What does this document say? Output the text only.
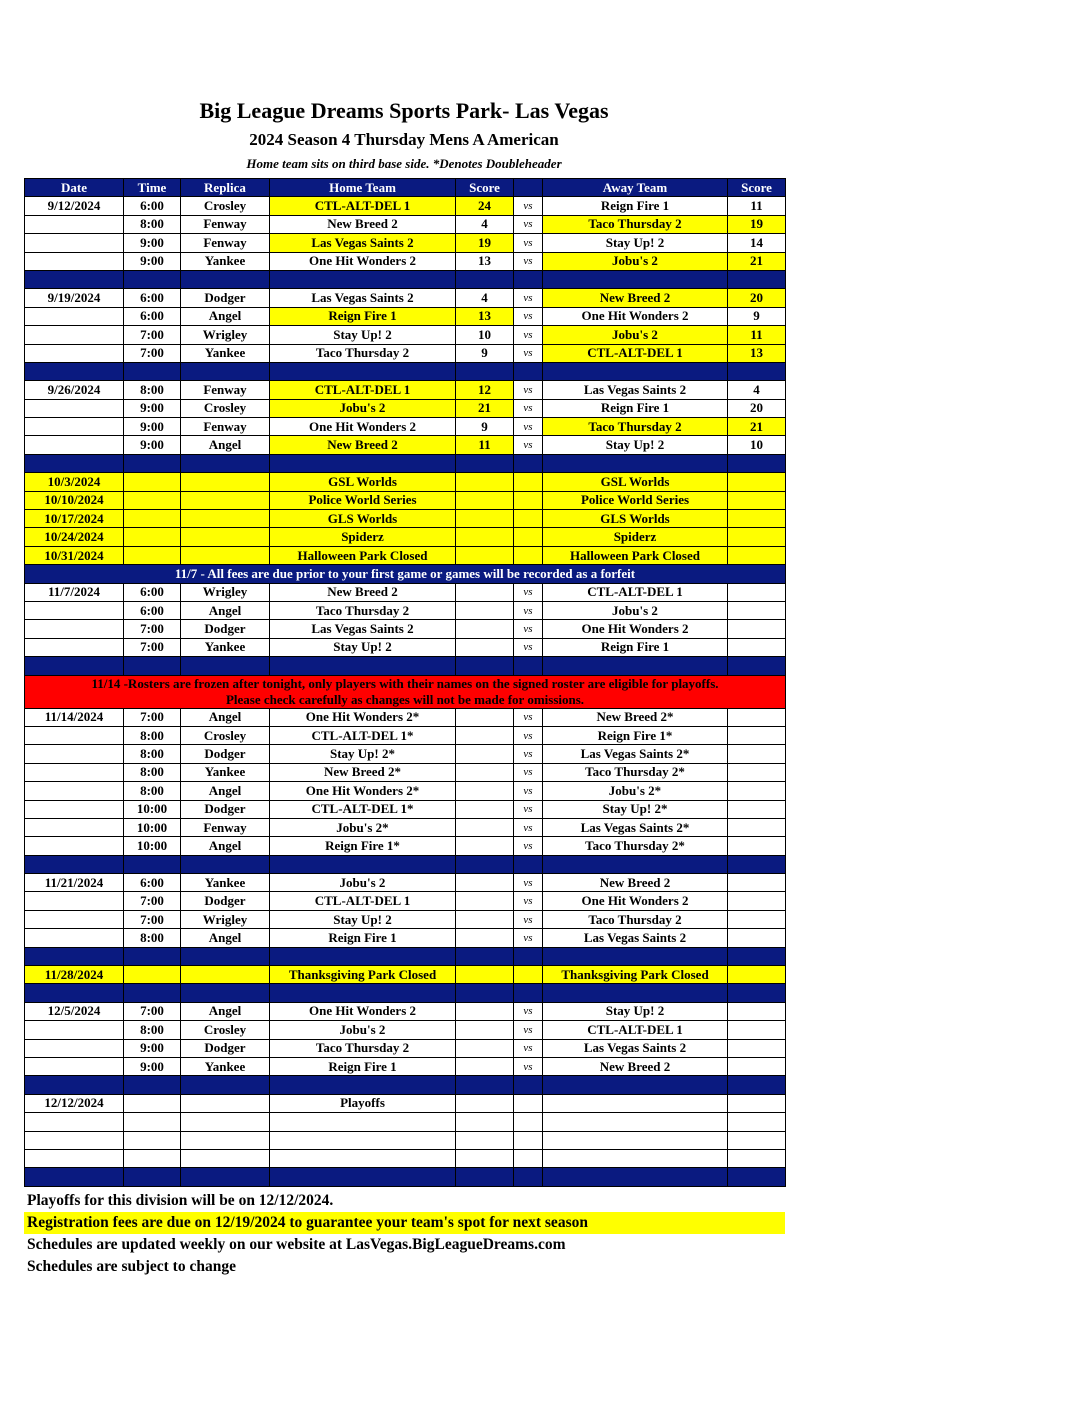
Big League Dreams Sports Park- Las Vegas
2024 Season 4 Thursday Mens A American
Home team sits on third base side. *Denotes Doubleheader
Date	Time	Replica	Home Team	Score		Away Team	Score
9/12/2024	6:00	Crosley	CTL-ALT-DEL 1	24	vs	Reign Fire 1	11
	8:00	Fenway	New Breed 2	4	vs	Taco Thursday 2	19
	9:00	Fenway	Las Vegas Saints 2	19	vs	Stay Up! 2	14
	9:00	Yankee	One Hit Wonders 2	13	vs	Jobu's 2	21

9/19/2024	6:00	Dodger	Las Vegas Saints 2	4	vs	New Breed 2	20
	6:00	Angel	Reign Fire 1	13	vs	One Hit Wonders 2	9
	7:00	Wrigley	Stay Up! 2	10	vs	Jobu's 2	11
	7:00	Yankee	Taco Thursday 2	9	vs	CTL-ALT-DEL 1	13

9/26/2024	8:00	Fenway	CTL-ALT-DEL 1	12	vs	Las Vegas Saints 2	4
	9:00	Crosley	Jobu's 2	21	vs	Reign Fire 1	20
	9:00	Fenway	One Hit Wonders 2	9	vs	Taco Thursday 2	21
	9:00	Angel	New Breed 2	11	vs	Stay Up! 2	10

10/3/2024			GSL Worlds			GSL Worlds	
10/10/2024			Police World Series			Police World Series	
10/17/2024			GLS Worlds			GLS Worlds	
10/24/2024			Spiderz			Spiderz	
10/31/2024			Halloween Park Closed			Halloween Park Closed	
11/7 - All fees are due prior to your first game or games will be recorded as a forfeit							
11/7/2024	6:00	Wrigley	New Breed 2		vs	CTL-ALT-DEL 1	
	6:00	Angel	Taco Thursday 2		vs	Jobu's 2	
	7:00	Dodger	Las Vegas Saints 2		vs	One Hit Wonders 2	
	7:00	Yankee	Stay Up! 2		vs	Reign Fire 1	

11/14 -Rosters are frozen after tonight, only players with their names on the signed roster are eligible for playoffs.
Please check carefully as changes will not be made for omissions.							

11/14/2024	7:00	Angel	One Hit Wonders 2*		vs	New Breed 2*	
	8:00	Crosley	CTL-ALT-DEL 1*		vs	Reign Fire 1*	
	8:00	Dodger	Stay Up! 2*		vs	Las Vegas Saints 2*	
	8:00	Yankee	New Breed 2*		vs	Taco Thursday 2*	
	8:00	Angel	One Hit Wonders 2*		vs	Jobu's 2*	
	10:00	Dodger	CTL-ALT-DEL 1*		vs	Stay Up! 2*	
	10:00	Fenway	Jobu's 2*		vs	Las Vegas Saints 2*	
	10:00	Angel	Reign Fire 1*		vs	Taco Thursday 2*	

11/21/2024	6:00	Yankee	Jobu's 2		vs	New Breed 2	
	7:00	Dodger	CTL-ALT-DEL 1		vs	One Hit Wonders 2	
	7:00	Wrigley	Stay Up! 2		vs	Taco Thursday 2	
	8:00	Angel	Reign Fire 1		vs	Las Vegas Saints 2	

11/28/2024			Thanksgiving Park Closed			Thanksgiving Park Closed	

12/5/2024	7:00	Angel	One Hit Wonders 2		vs	Stay Up! 2	
	8:00	Crosley	Jobu's 2		vs	CTL-ALT-DEL 1	
	9:00	Dodger	Taco Thursday 2		vs	Las Vegas Saints 2	
	9:00	Yankee	Reign Fire 1		vs	New Breed 2	

12/12/2024			Playoffs				

Playoffs for this division will be on 12/12/2024.
Registration fees are due on 12/19/2024 to guarantee your team's spot for next season
Schedules are updated weekly on our website at LasVegas.BigLeagueDreams.com
Schedules are subject to change
